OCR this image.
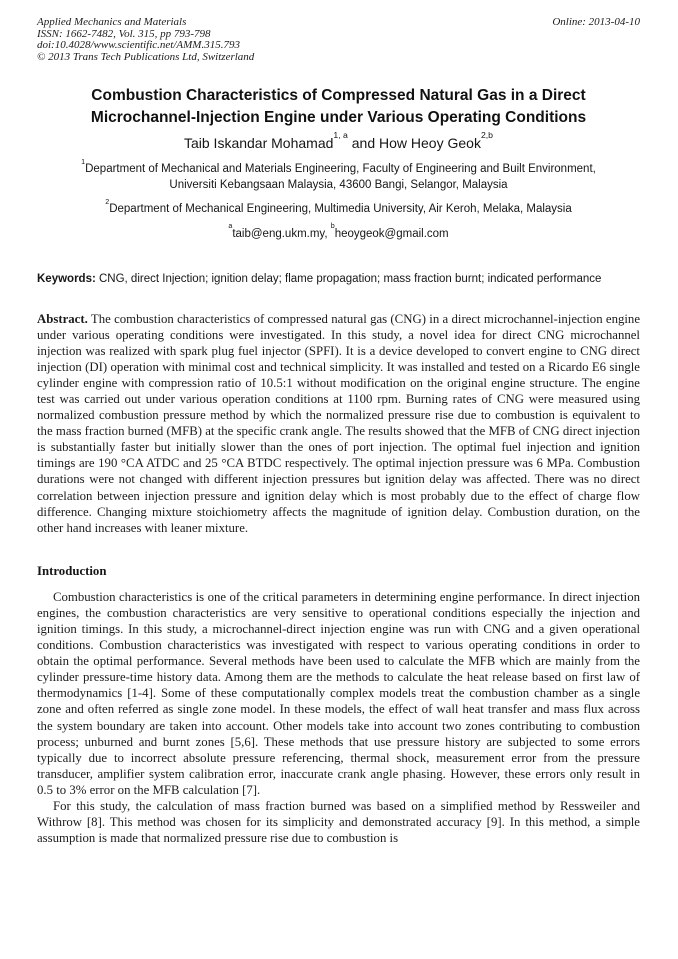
Applied Mechanics and Materials
ISSN: 1662-7482, Vol. 315, pp 793-798
doi:10.4028/www.scientific.net/AMM.315.793
© 2013 Trans Tech Publications Ltd, Switzerland
Online: 2013-04-10
Combustion Characteristics of Compressed Natural Gas in a Direct Microchannel-Injection Engine under Various Operating Conditions
Taib Iskandar Mohamad$^{1, a}$ and How Heoy Geok$^{2,b}$
$^1$Department of Mechanical and Materials Engineering, Faculty of Engineering and Built Environment, Universiti Kebangsaan Malaysia, 43600 Bangi, Selangor, Malaysia
$^2$Department of Mechanical Engineering, Multimedia University, Air Keroh, Melaka, Malaysia
$^a$taib@eng.ukm.my, $^b$heoygeok@gmail.com

Keywords: CNG, direct Injection; ignition delay; flame propagation; mass fraction burnt; indicated performance

Abstract. The combustion characteristics of compressed natural gas (CNG) in a direct microchannel-injection engine under various operating conditions were investigated. In this study, a novel idea for direct CNG microchannel injection was realized with spark plug fuel injector (SPFI). It is a device developed to convert engine to CNG direct injection (DI) operation with minimal cost and technical simplicity. It was installed and tested on a Ricardo E6 single cylinder engine with compression ratio of 10.5:1 without modification on the original engine structure. The engine test was carried out under various operation conditions at 1100 rpm. Burning rates of CNG were measured using normalized combustion pressure method by which the normalized pressure rise due to combustion is equivalent to the mass fraction burned (MFB) at the specific crank angle. The results showed that the MFB of CNG direct injection is substantially faster but initially slower than the ones of port injection. The optimal fuel injection and ignition timings are 190 °CA ATDC and 25 °CA BTDC respectively. The optimal injection pressure was 6 MPa. Combustion durations were not changed with different injection pressures but ignition delay was affected. There was no direct correlation between injection pressure and ignition delay which is most probably due to the effect of charge flow difference. Changing mixture stoichiometry affects the magnitude of ignition delay. Combustion duration, on the other hand increases with leaner mixture.

Introduction

Combustion characteristics is one of the critical parameters in determining engine performance. In direct injection engines, the combustion characteristics are very sensitive to operational conditions especially the injection and ignition timings. In this study, a microchannel-direct injection engine was run with CNG and a given operational conditions. Combustion characteristics was investigated with respect to various operating conditions in order to obtain the optimal performance. Several methods have been used to calculate the MFB which are mainly from the cylinder pressure-time history data. Among them are the methods to calculate the heat release based on first law of thermodynamics [1-4]. Some of these computationally complex models treat the combustion chamber as a single zone and often referred as single zone model. In these models, the effect of wall heat transfer and mass flux across the system boundary are taken into account. Other models take into account two zones contributing to combustion process; unburned and burnt zones [5,6]. These methods that use pressure history are subjected to some errors typically due to incorrect absolute pressure referencing, thermal shock, measurement error from the pressure transducer, amplifier system calibration error, inaccurate crank angle phasing. However, these errors only result in 0.5 to 3% error on the MFB calculation [7].

For this study, the calculation of mass fraction burned was based on a simplified method by Ressweiler and Withrow [8]. This method was chosen for its simplicity and demonstrated accuracy [9]. In this method, a simple assumption is made that normalized pressure rise due to combustion is
